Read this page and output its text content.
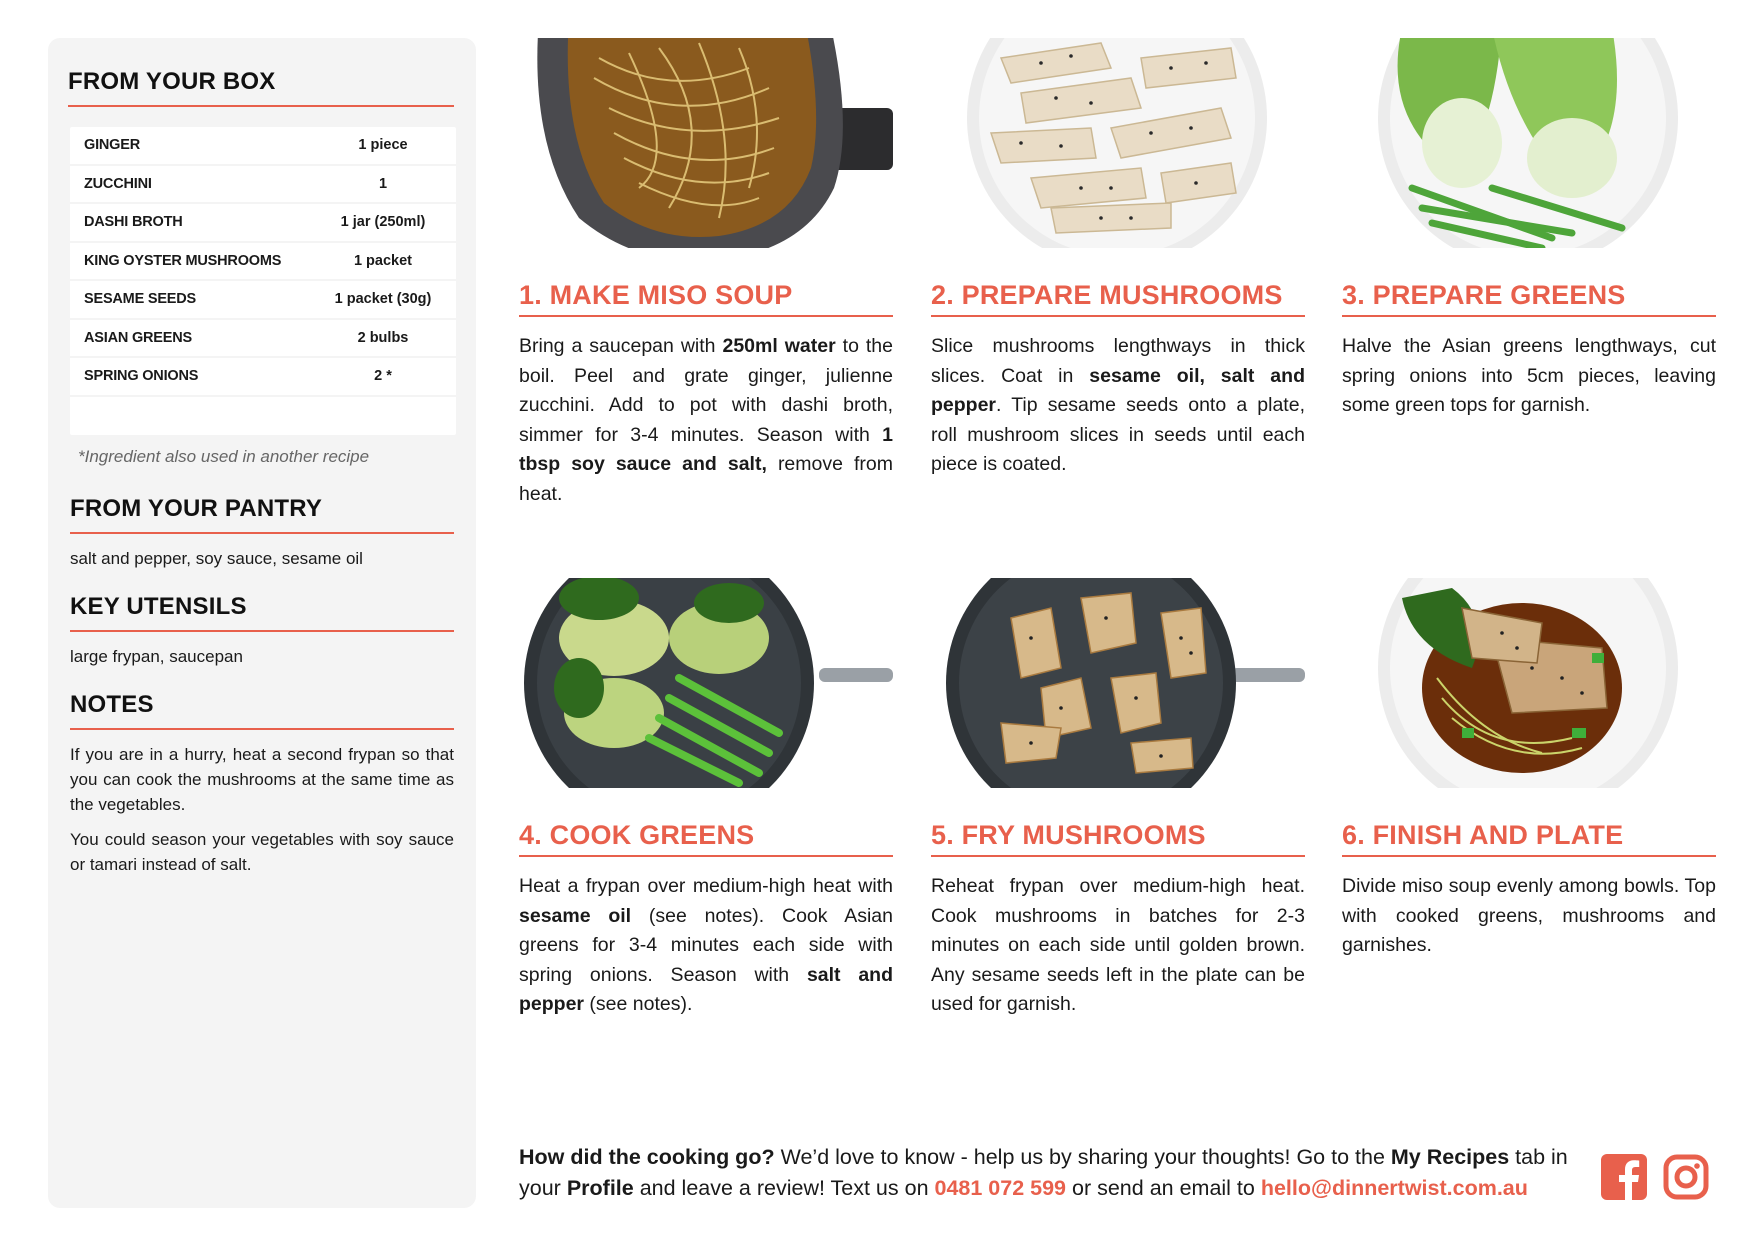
FROM YOUR BOX
GINGER	1 piece
ZUCCHINI	1
DASHI BROTH	1 jar (250ml)
KING OYSTER MUSHROOMS	1 packet
SESAME SEEDS	1 packet (30g)
ASIAN GREENS	2 bulbs
SPRING ONIONS	2 *
*Ingredient also used in another recipe
FROM YOUR PANTRY
salt and pepper, soy sauce, sesame oil
KEY UTENSILS
large frypan, saucepan
NOTES

If you are in a hurry, heat a second frypan so that you can cook the mushrooms at the same time as the vegetables.

You could season your vegetables with soy sauce or tamari instead of salt.

1. MAKE MISO SOUP
Bring a saucepan with 250ml water to the boil. Peel and grate ginger, julienne zucchini. Add to pot with dashi broth, simmer for 3-4 minutes. Season with 1 tbsp soy sauce and salt, remove from heat.
2. PREPARE MUSHROOMS
Slice mushrooms lengthways in thick slices. Coat in sesame oil, salt and pepper. Tip sesame seeds onto a plate, roll mushroom slices in seeds until each piece is coated.
3. PREPARE GREENS
Halve the Asian greens lengthways, cut spring onions into 5cm pieces, leaving some green tops for garnish.
4. COOK GREENS
Heat a frypan over medium-high heat with sesame oil (see notes). Cook Asian greens for 3-4 minutes each side with spring onions. Season with salt and pepper (see notes).
5. FRY MUSHROOMS
Reheat frypan over medium-high heat. Cook mushrooms in batches for 2-3 minutes on each side until golden brown. Any sesame seeds left in the plate can be used for garnish.
6. FINISH AND PLATE
Divide miso soup evenly among bowls. Top with cooked greens, mushrooms and garnishes.
How did the cooking go? We’d love to know - help us by sharing your thoughts! Go to the My Recipes tab in your Profile and leave a review! Text us on 0481 072 599 or send an email to hello@dinnertwist.com.au
